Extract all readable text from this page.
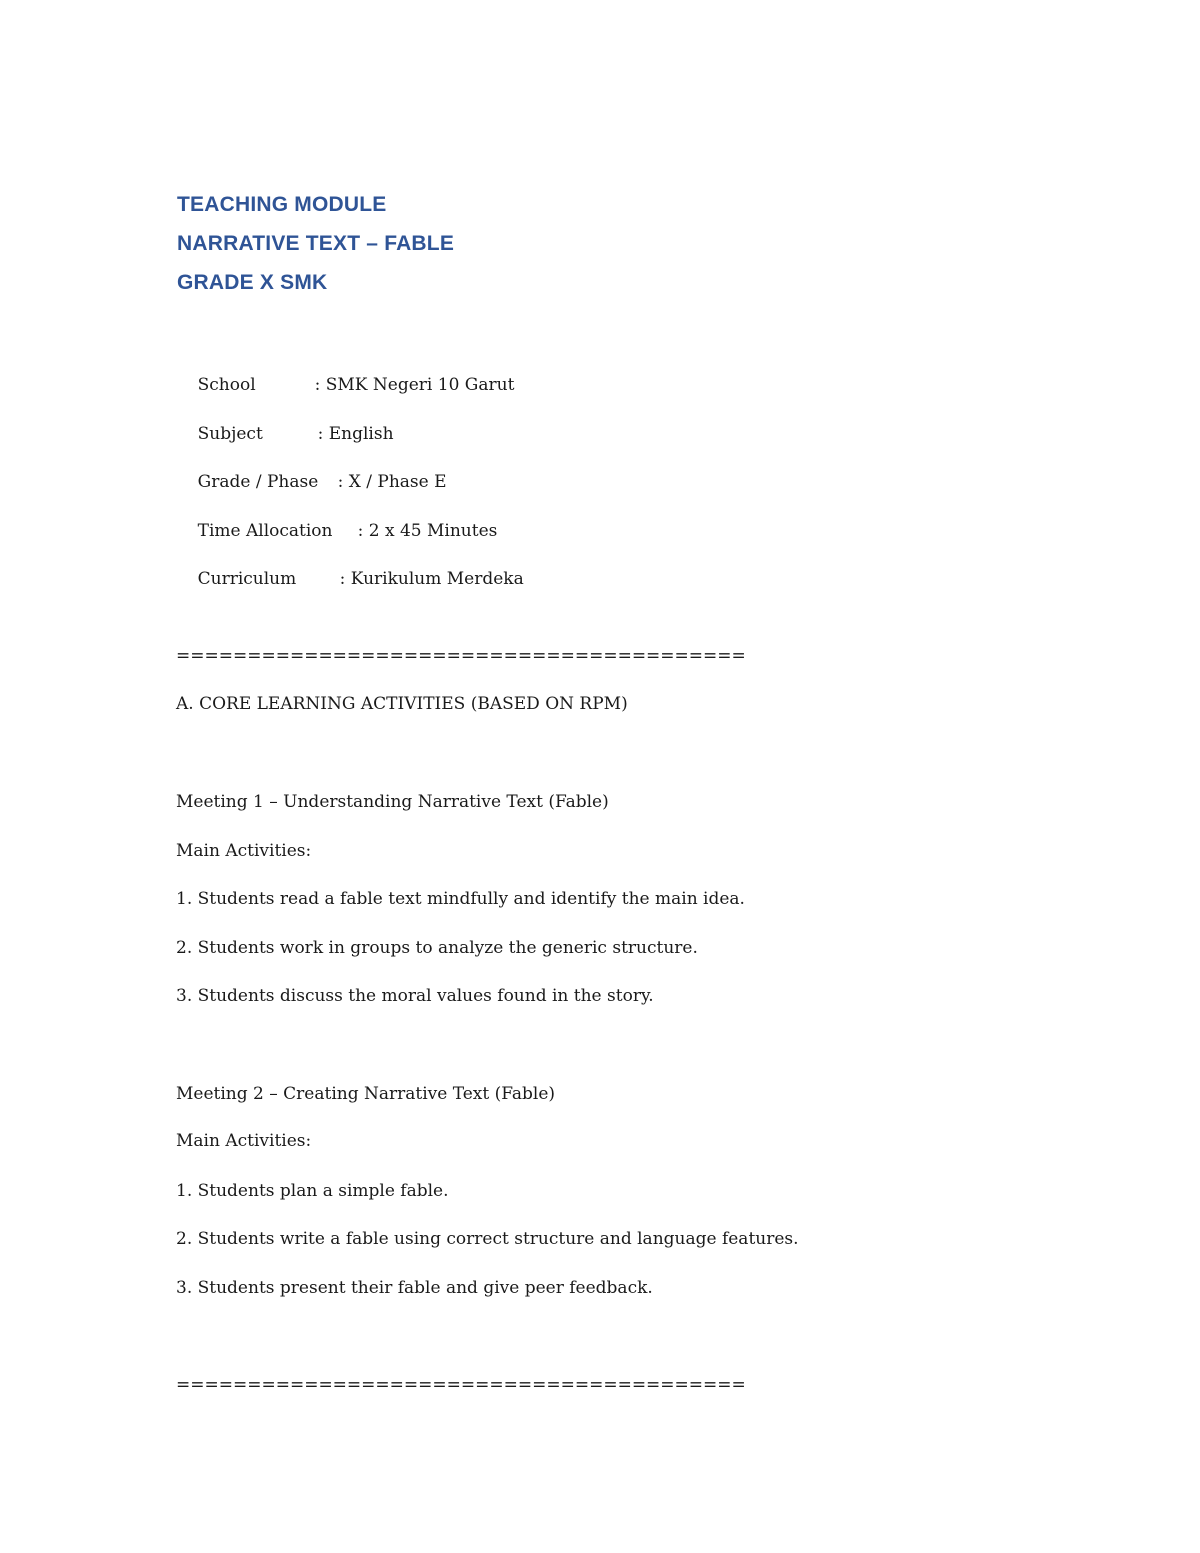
TEACHING MODULE
NARRATIVE TEXT – FABLE
GRADE X SMK

School	: SMK Negeri 10 Garut

Subject	: English

Grade / Phase : X / Phase E

Time Allocation : 2 x 45 Minutes

Curriculum	: Kurikulum Merdeka

========================================
A. CORE LEARNING ACTIVITIES (BASED ON RPM)
Meeting 1 – Understanding Narrative Text (Fable)
Main Activities:
1. Students read a fable text mindfully and identify the main idea.
2. Students work in groups to analyze the generic structure.
3. Students discuss the moral values found in the story.
Meeting 2 – Creating Narrative Text (Fable)
Main Activities:
1. Students plan a simple fable.
2. Students write a fable using correct structure and language features.
3. Students present their fable and give peer feedback.
========================================
